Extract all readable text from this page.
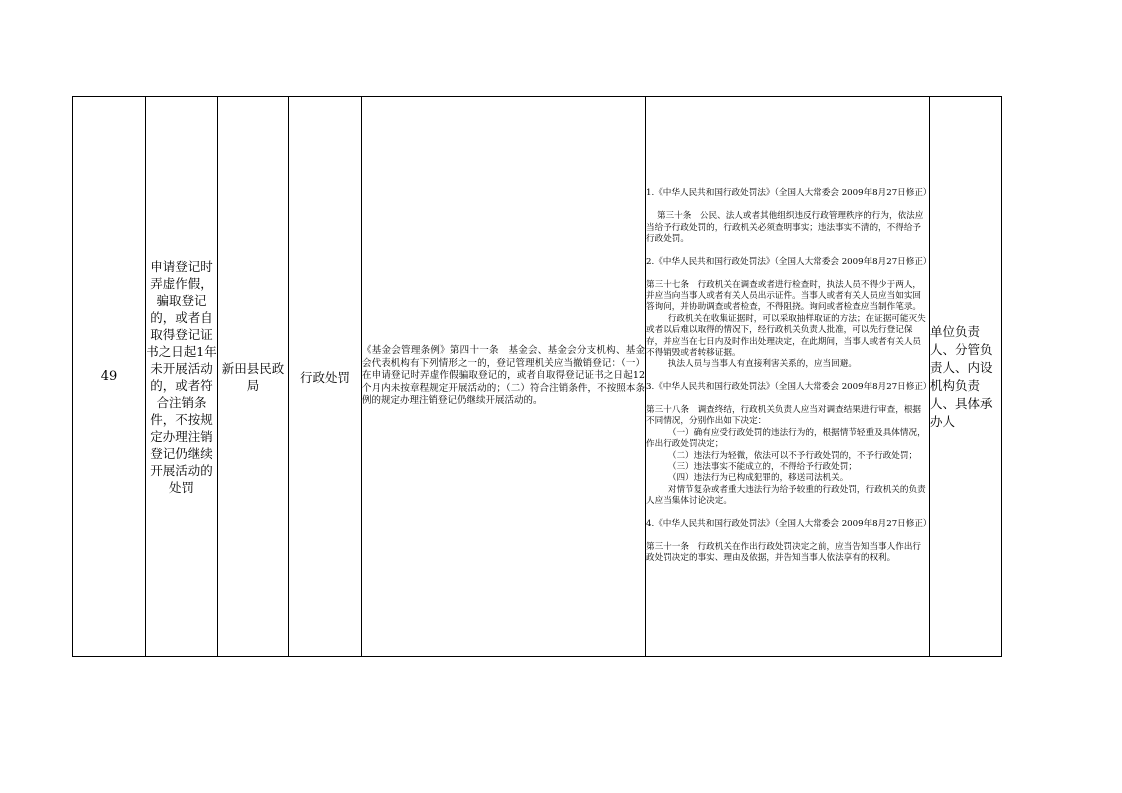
49	申请登记时弄虚作假，骗取登记的，或者自取得登记证书之日起1年未开展活动的，或者符合注销条件，不按规定办理注销登记仍继续开展活动的处罚	新田县民政局	行政处罚	《基金会管理条例》第四十一条　基金会、基金会分支机构、基金会代表机构有下列情形之一的，登记管理机关应当撤销登记：（一）在申请登记时弄虚作假骗取登记的，或者自取得登记证书之日起12个月内未按章程规定开展活动的；（二）符合注销条件，不按照本条例的规定办理注销登记仍继续开展活动的。	

1.《中华人民共和国行政处罚法》（全国人大常委会 2009年8月27日修正）

第三十条　公民、法人或者其他组织违反行政管理秩序的行为，依法应当给予行政处罚的，行政机关必须查明事实；违法事实不清的，不得给予行政处罚。

2.《中华人民共和国行政处罚法》（全国人大常委会 2009年8月27日修正）

第三十七条　行政机关在调查或者进行检查时，执法人员不得少于两人，并应当向当事人或者有关人员出示证件。当事人或者有关人员应当如实回答询问，并协助调查或者检查，不得阻挠。询问或者检查应当制作笔录。

行政机关在收集证据时，可以采取抽样取证的方法；在证据可能灭失或者以后难以取得的情况下，经行政机关负责人批准，可以先行登记保存，并应当在七日内及时作出处理决定，在此期间，当事人或者有关人员不得销毁或者转移证据。

执法人员与当事人有直接利害关系的，应当回避。

3.《中华人民共和国行政处罚法》（全国人大常委会 2009年8月27日修正）

第三十八条　调查终结，行政机关负责人应当对调查结果进行审查，根据不同情况，分别作出如下决定：

（一）确有应受行政处罚的违法行为的，根据情节轻重及具体情况，作出行政处罚决定；

（二）违法行为轻微，依法可以不予行政处罚的，不予行政处罚；

（三）违法事实不能成立的，不得给予行政处罚；

（四）违法行为已构成犯罪的，移送司法机关。

对情节复杂或者重大违法行为给予较重的行政处罚，行政机关的负责人应当集体讨论决定。

4.《中华人民共和国行政处罚法》（全国人大常委会 2009年8月27日修正）

第三十一条　行政机关在作出行政处罚决定之前，应当告知当事人作出行政处罚决定的事实、理由及依据，并告知当事人依法享有的权利。

	单位负责人、分管负责人、内设机构负责人、具体承办人
